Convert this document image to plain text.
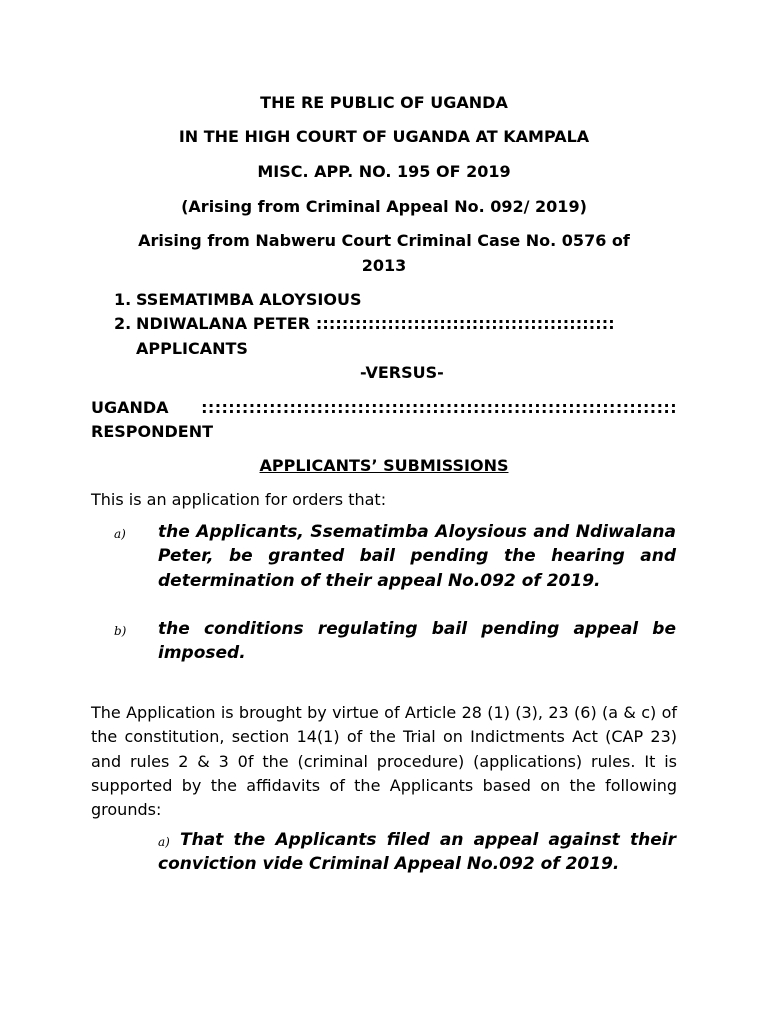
THE RE PUBLIC OF UGANDA
IN THE HIGH COURT OF UGANDA AT KAMPALA
MISC. APP. NO. 195 OF 2019
(Arising from Criminal Appeal No. 092/ 2019)
Arising from Nabweru Court Criminal Case No. 0576 of
2013
1. SSEMATIMBA ALOYSIOUS
2. NDIWALANA PETER ::::::::::::::::::::::::::::::::::::::::::::::
APPLICANTS
-VERSUS-
UGANDA ::::::::::::::::::::::::::::::::::::::::::::::::::::::::::::::::::::::
RESPONDENT
APPLICANTS’ SUBMISSIONS
This is an application for orders that:
a) the Applicants, Ssematimba Aloysious and Ndiwalana Peter, be granted bail pending the hearing and determination of their appeal No.092 of 2019.
b) the conditions regulating bail pending appeal be imposed.
The Application is brought by virtue of Article 28 (1) (3), 23 (6) (a & c) of the constitution, section 14(1) of the Trial on Indictments Act (CAP 23) and rules 2 & 3 0f the (criminal procedure) (applications) rules. It is supported by the affidavits of the Applicants based on the following grounds:
a) That the Applicants filed an appeal against their conviction vide Criminal Appeal No.092 of 2019.
